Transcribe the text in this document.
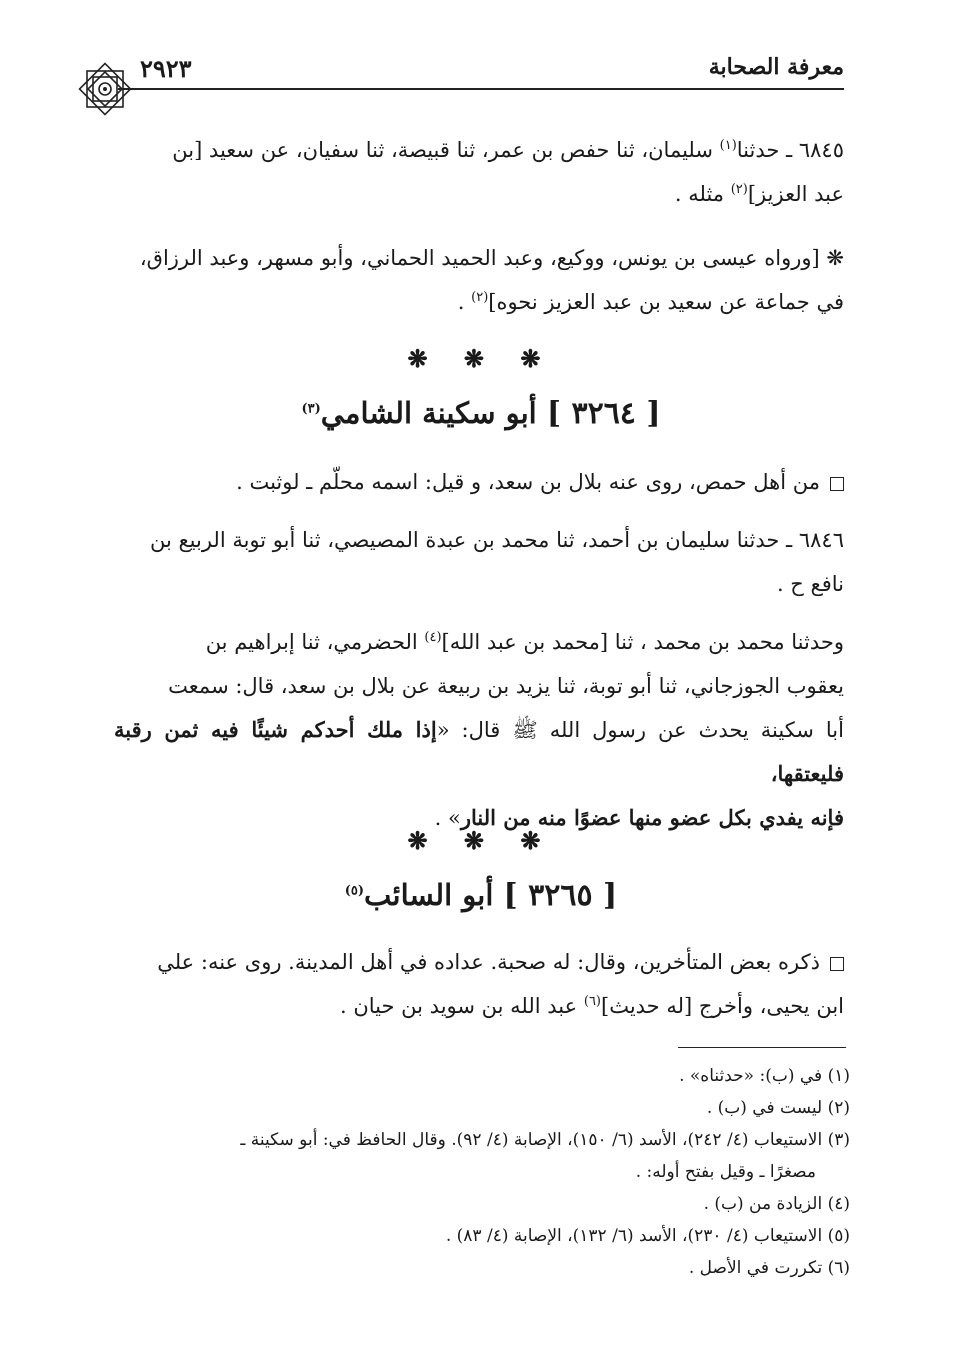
معرفة الصحابة
٢٩٢٣

٦٨٤٥ ـ حدثنا$^{(١)}$ سليمان، ثنا حفص بن عمر، ثنا قبيصة، ثنا سفيان، عن سعيد [بن

عبد العزيز]$^{(٢)}$ مثله .

❋ [ورواه عيسى بن يونس، ووكيع، وعبد الحميد الحماني، وأبو مسهر، وعبد الرزاق،

في جماعة عن سعيد بن عبد العزيز نحوه]$^{(٢)}$ .

❋ ❋ ❋
[ ٣٢٦٤ ] أبو سكينة الشامي$^{(٣)}$

من أهل حمص، روى عنه بلال بن سعد، و قيل: اسمه محلّم ـ لوثبت .

٦٨٤٦ ـ حدثنا سليمان بن أحمد، ثنا محمد بن عبدة المصيصي، ثنا أبو توبة الربيع بن

نافع ح .

وحدثنا محمد بن محمد ، ثنا [محمد بن عبد الله]$^{(٤)}$ الحضرمي، ثنا إبراهيم بن

يعقوب الجوزجاني، ثنا أبو توبة، ثنا يزيد بن ربيعة عن بلال بن سعد، قال: سمعت

أبا سكينة يحدث عن رسول الله ﷺ قال: «إذا ملك أحدكم شيئًا فيه ثمن رقبة فليعتقها،

فإنه يفدي بكل عضو منها عضوًا منه من النار» .

❋ ❋ ❋
[ ٣٢٦٥ ] أبو السائب$^{(٥)}$

ذكره بعض المتأخرين، وقال: له صحبة. عداده في أهل المدينة. روى عنه: علي

ابن يحيى، وأخرج [له حديث]$^{(٦)}$ عبد الله بن سويد بن حيان .

(١) في (ب): «حدثناه» .
(٢) ليست في (ب) .
(٣) الاستيعاب (٤/ ٢٤٢)، الأسد (٦/ ١٥٠)، الإصابة (٤/ ٩٢). وقال الحافظ في: أبو سكينة ـ
مصغرًا ـ وقيل بفتح أوله: .
(٤) الزيادة من (ب) .
(٥) الاستيعاب (٤/ ٢٣٠)، الأسد (٦/ ١٣٢)، الإصابة (٤/ ٨٣) .
(٦) تكررت في الأصل .
